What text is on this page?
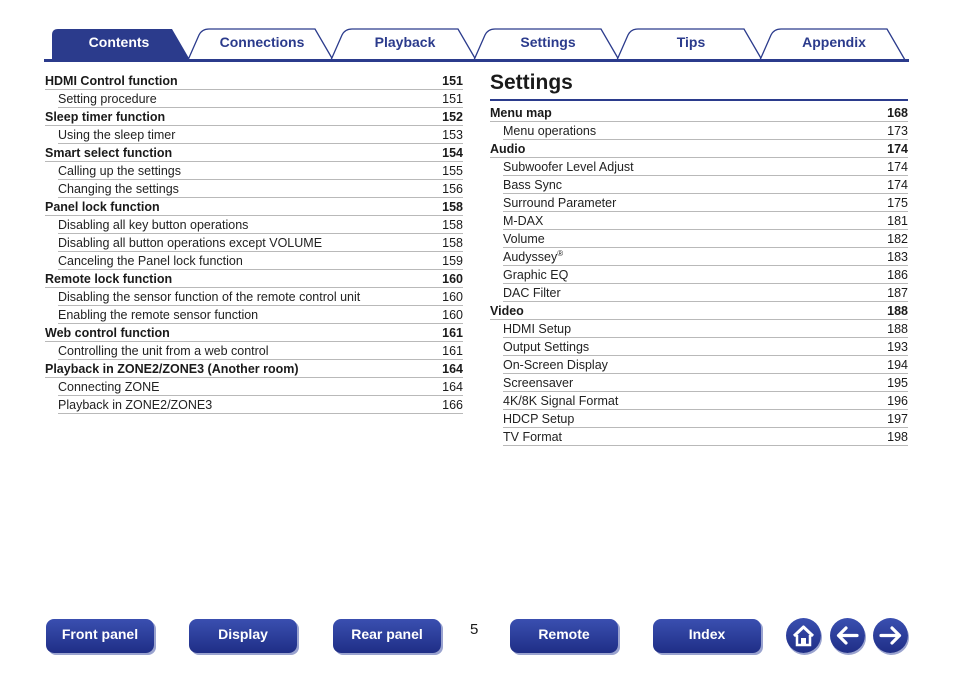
Contents	Connections	Playback	Settings	Tips	Appendix
HDMI Control function	151
Setting procedure	151
Sleep timer function	152
Using the sleep timer	153
Smart select function	154
Calling up the settings	155
Changing the settings	156
Panel lock function	158
Disabling all key button operations	158
Disabling all button operations except VOLUME	158
Canceling the Panel lock function	159
Remote lock function	160
Disabling the sensor function of the remote control unit	160
Enabling the remote sensor function	160
Web control function	161
Controlling the unit from a web control	161
Playback in ZONE2/ZONE3 (Another room)	164
Connecting ZONE	164
Playback in ZONE2/ZONE3	166
Settings
Menu map	168
Menu operations	173
Audio	174
Subwoofer Level Adjust	174
Bass Sync	174
Surround Parameter	175
M-DAX	181
Volume	182
Audyssey®	183
Graphic EQ	186
DAC Filter	187
Video	188
HDMI Setup	188
Output Settings	193
On-Screen Display	194
Screensaver	195
4K/8K Signal Format	196
HDCP Setup	197
TV Format	198
Front panel	Display	Rear panel	5	Remote	Index
